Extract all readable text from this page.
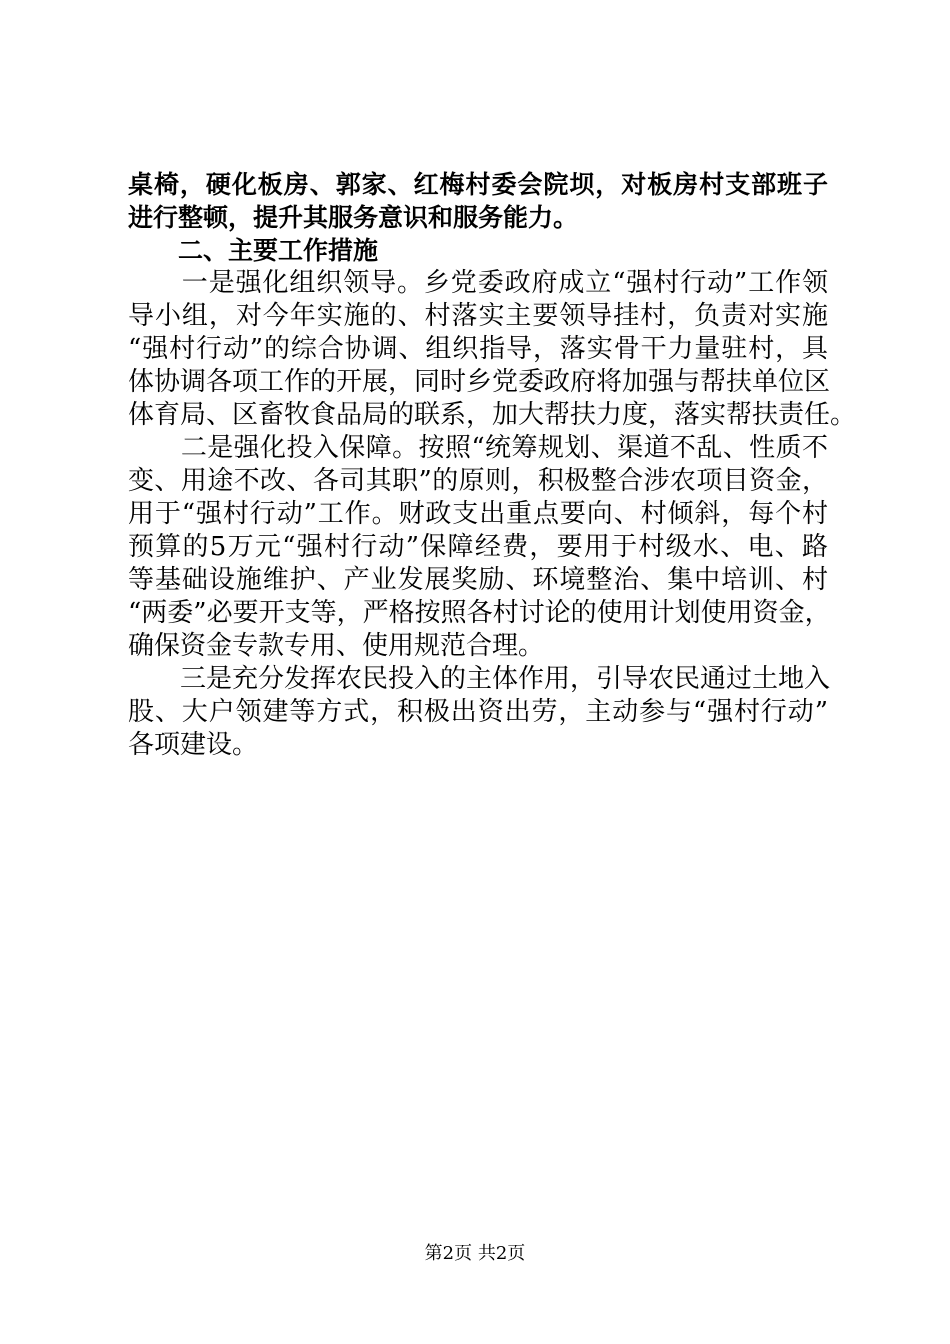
桌椅，硬化板房、郭家、红梅村委会院坝，对板房村支部班子
进行整顿，提升其服务意识和服务能力。
　　二、主要工作措施
　　一是强化组织领导。乡党委政府成立“强村行动”工作领
导小组，对今年实施的、村落实主要领导挂村，负责对实施
“强村行动”的综合协调、组织指导，落实骨干力量驻村，具
体协调各项工作的开展，同时乡党委政府将加强与帮扶单位区
体育局、区畜牧食品局的联系，加大帮扶力度，落实帮扶责任。
　　二是强化投入保障。按照“统筹规划、渠道不乱、性质不
变、用途不改、各司其职”的原则，积极整合涉农项目资金，
用于“强村行动”工作。财政支出重点要向、村倾斜，每个村
预算的5万元“强村行动”保障经费，要用于村级水、电、路
等基础设施维护、产业发展奖励、环境整治、集中培训、村
“两委”必要开支等，严格按照各村讨论的使用计划使用资金，
确保资金专款专用、使用规范合理。
　　三是充分发挥农民投入的主体作用，引导农民通过土地入
股、大户领建等方式，积极出资出劳，主动参与“强村行动”
各项建设。
第2页 共2页
